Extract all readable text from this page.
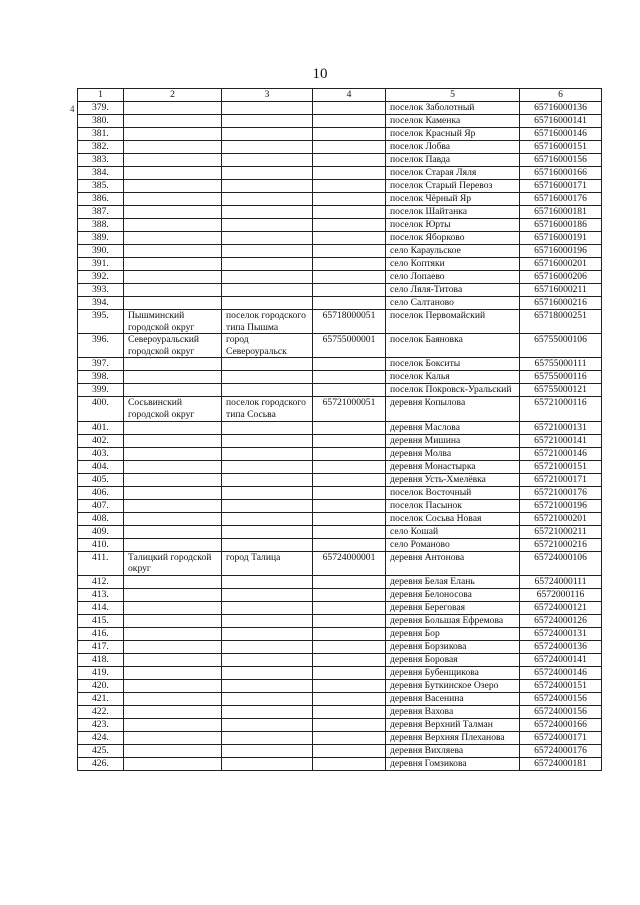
10
4
1	2	3	4	5	6
379.				поселок Заболотный	65716000136
380.				поселок Каменка	65716000141
381.				поселок Красный Яр	65716000146
382.				поселок Лобва	65716000151
383.				поселок Павда	65716000156
384.				поселок Старая Ляля	65716000166
385.				поселок Старый Перевоз	65716000171
386.				поселок Чёрный Яр	65716000176
387.				поселок Шайтанка	65716000181
388.				поселок Юрты	65716000186
389.				поселок Яборково	65716000191
390.				село Караульское	65716000196
391.				село Коптяки	65716000201
392.				село Лопаево	65716000206
393.				село Ляля-Титова	65716000211
394.				село Салтаново	65716000216
395.	Пышминский городской округ	поселок городского типа Пышма	65718000051	поселок Первомайский	65718000251
396.	Североуральский городской округ	город Североуральск	65755000001	поселок Баяновка	65755000106
397.				поселок Бокситы	65755000111
398.				поселок Калья	65755000116
399.				поселок Покровск-Уральский	65755000121
400.	Сосьвинский городской округ	поселок городского типа Сосьва	65721000051	деревня Копылова	65721000116
401.				деревня Маслова	65721000131
402.				деревня Мишина	65721000141
403.				деревня Молва	65721000146
404.				деревня Монастырка	65721000151
405.				деревня Усть-Хмелёвка	65721000171
406.				поселок Восточный	65721000176
407.				поселок Пасынок	65721000196
408.				поселок Сосьва Новая	65721000201
409.				село Кошай	65721000211
410.				село Романово	65721000216
411.	Талицкий городской округ	город Талица	65724000001	деревня Антонова	65724000106
412.				деревня Белая Елань	65724000111
413.				деревня Белоносова	6572000116
414.				деревня Береговая	65724000121
415.				деревня Большая Ефремова	65724000126
416.				деревня Бор	65724000131
417.				деревня Борзикова	65724000136
418.				деревня Боровая	65724000141
419.				деревня Бубенщикова	65724000146
420.				деревня Буткинское Озеро	65724000151
421.				деревня Васенина	65724000156
422.				деревня Вахова	65724000156
423.				деревня Верхний Талман	65724000166
424.				деревня Верхняя Плеханова	65724000171
425.				деревня Вихляева	65724000176
426.				деревня Гомзикова	65724000181
